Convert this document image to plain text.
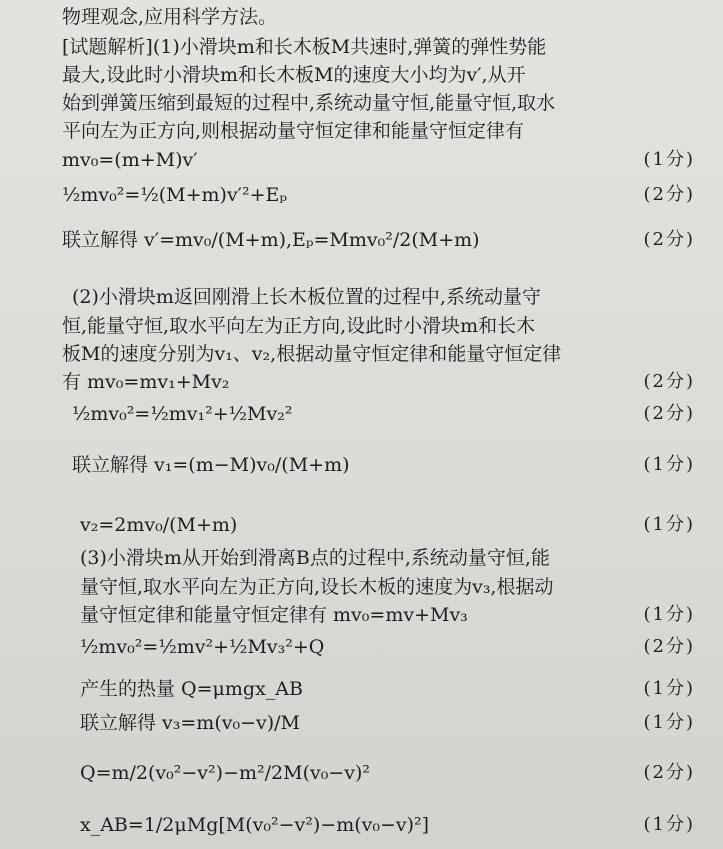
物理观念,应用科学方法。
[试题解析](1)小滑块m和长木板M共速时,弹簧的弹性势能
最大,设此时小滑块m和长木板M的速度大小均为v′,从开
始到弹簧压缩到最短的过程中,系统动量守恒,能量守恒,取水
平向左为正方向,则根据动量守恒定律和能量守恒定律有
mv₀=(m+M)v′	(1分)
½mv₀²=½(M+m)v′²+Eₚ	(2分)
联立解得 v′=mv₀/(M+m),Eₚ=Mmv₀²/2(M+m)	(2分)
(2)小滑块m返回刚滑上长木板位置的过程中,系统动量守
恒,能量守恒,取水平向左为正方向,设此时小滑块m和长木
板M的速度分别为v₁、v₂,根据动量守恒定律和能量守恒定律
有 mv₀=mv₁+Mv₂	(2分)
½mv₀²=½mv₁²+½Mv₂²	(2分)
联立解得 v₁=(m−M)v₀/(M+m)	(1分)
v₂=2mv₀/(M+m)	(1分)
(3)小滑块m从开始到滑离B点的过程中,系统动量守恒,能
量守恒,取水平向左为正方向,设长木板的速度为v₃,根据动
量守恒定律和能量守恒定律有 mv₀=mv+Mv₃	(1分)
½mv₀²=½mv²+½Mv₃²+Q	(2分)
产生的热量 Q=μmgx_AB	(1分)
联立解得 v₃=m(v₀−v)/M	(1分)
Q=m/2(v₀²−v²)−m²/2M(v₀−v)²	(2分)
x_AB=1/2μMg[M(v₀²−v²)−m(v₀−v)²]	(1分)
